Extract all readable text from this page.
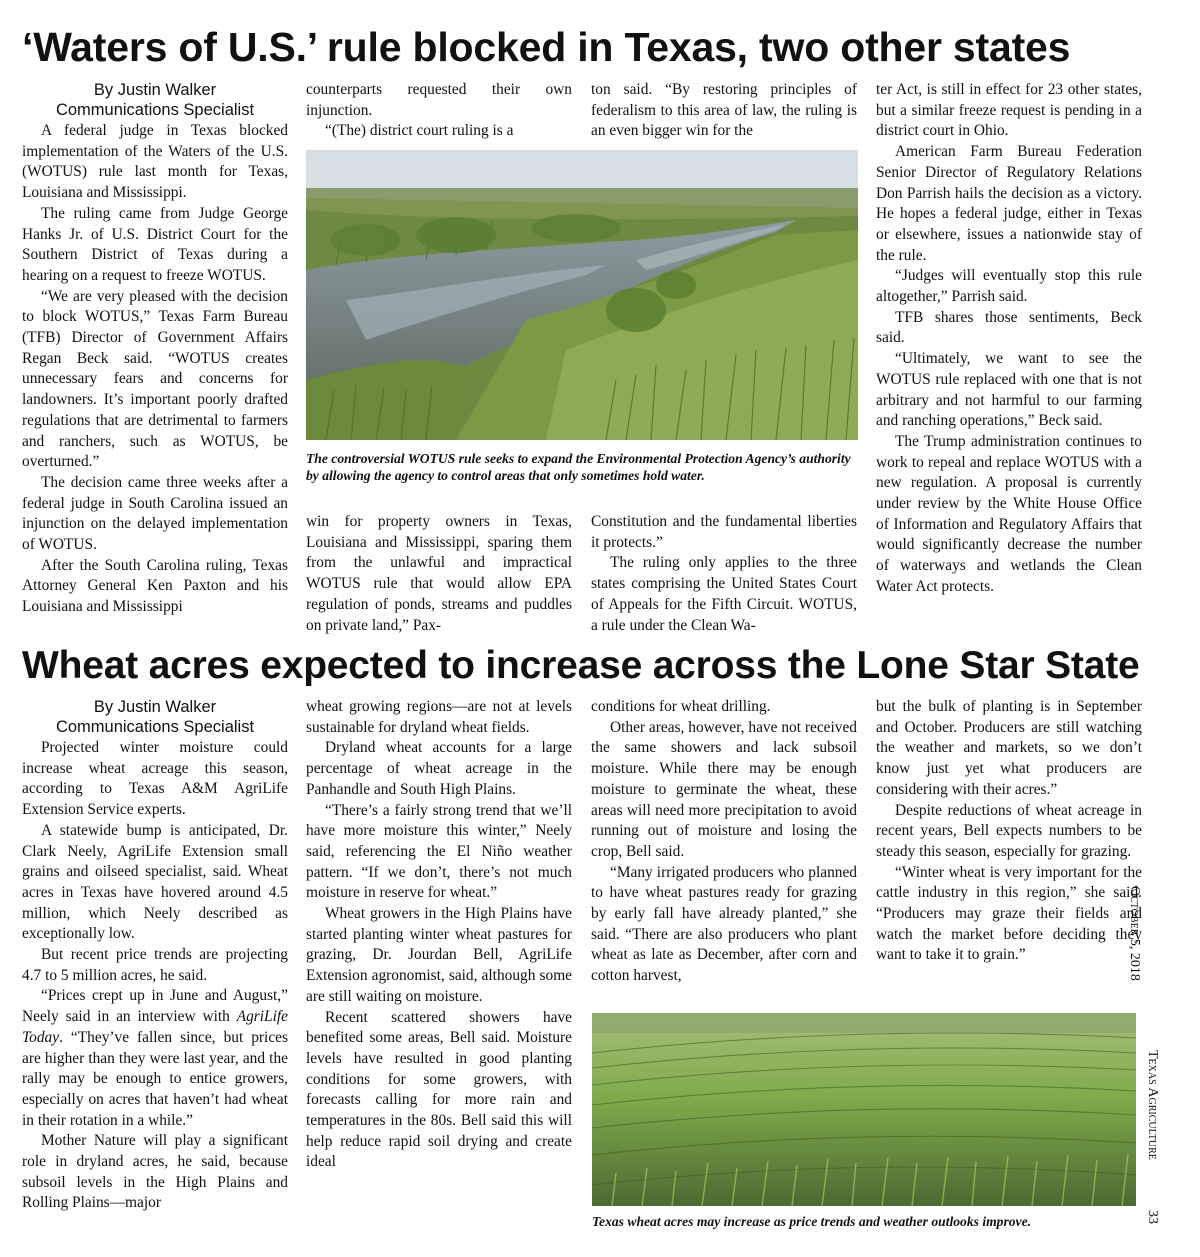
‘Waters of U.S.’ rule blocked in Texas, two other states
By Justin Walker
Communications Specialist

A federal judge in Texas blocked implementation of the Waters of the U.S. (WOTUS) rule last month for Texas, Louisiana and Mississippi.

The ruling came from Judge George Hanks Jr. of U.S. District Court for the Southern District of Texas during a hearing on a request to freeze WOTUS.

“We are very pleased with the decision to block WOTUS,” Texas Farm Bureau (TFB) Director of Government Affairs Regan Beck said. “WOTUS creates unnecessary fears and concerns for landowners. It’s important poorly drafted regulations that are detrimental to farmers and ranchers, such as WOTUS, be overturned.”

The decision came three weeks after a federal judge in South Carolina issued an injunction on the delayed implementation of WOTUS.

After the South Carolina ruling, Texas Attorney General Ken Paxton and his Louisiana and Mississippi

counterparts requested their own injunction.

“(The) district court ruling is a

ton said. “By restoring principles of federalism to this area of law, the ruling is an even bigger win for the

The controversial WOTUS rule seeks to expand the Environmental Protection Agency’s authority by allowing the agency to control areas that only sometimes hold water.

win for property owners in Texas, Louisiana and Mississippi, sparing them from the unlawful and impractical WOTUS rule that would allow EPA regulation of ponds, streams and puddles on private land,” Pax-

Constitution and the fundamental liberties it protects.”

The ruling only applies to the three states comprising the United States Court of Appeals for the Fifth Circuit. WOTUS, a rule under the Clean Wa-

ter Act, is still in effect for 23 other states, but a similar freeze request is pending in a district court in Ohio.

American Farm Bureau Federation Senior Director of Regulatory Relations Don Parrish hails the decision as a victory. He hopes a federal judge, either in Texas or elsewhere, issues a nationwide stay of the rule.

“Judges will eventually stop this rule altogether,” Parrish said.

TFB shares those sentiments, Beck said.

“Ultimately, we want to see the WOTUS rule replaced with one that is not arbitrary and not harmful to our farming and ranching operations,” Beck said.

The Trump administration continues to work to repeal and replace WOTUS with a new regulation. A proposal is currently under review by the White House Office of Information and Regulatory Affairs that would significantly decrease the number of waterways and wetlands the Clean Water Act protects.

Wheat acres expected to increase across the Lone Star State
By Justin Walker
Communications Specialist

Projected winter moisture could increase wheat acreage this season, according to Texas A&M AgriLife Extension Service experts.

A statewide bump is anticipated, Dr. Clark Neely, AgriLife Extension small grains and oilseed specialist, said. Wheat acres in Texas have hovered around 4.5 million, which Neely described as exceptionally low.

But recent price trends are projecting 4.7 to 5 million acres, he said.

“Prices crept up in June and August,” Neely said in an interview with AgriLife Today. “They’ve fallen since, but prices are higher than they were last year, and the rally may be enough to entice growers, especially on acres that haven’t had wheat in their rotation in a while.”

Mother Nature will play a significant role in dryland acres, he said, because subsoil levels in the High Plains and Rolling Plains—major

wheat growing regions—are not at levels sustainable for dryland wheat fields.

Dryland wheat accounts for a large percentage of wheat acreage in the Panhandle and South High Plains.

“There’s a fairly strong trend that we’ll have more moisture this winter,” Neely said, referencing the El Niño weather pattern. “If we don’t, there’s not much moisture in reserve for wheat.”

Wheat growers in the High Plains have started planting winter wheat pastures for grazing, Dr. Jourdan Bell, AgriLife Extension agronomist, said, although some are still waiting on moisture.

Recent scattered showers have benefited some areas, Bell said. Moisture levels have resulted in good planting conditions for some growers, with forecasts calling for more rain and temperatures in the 80s. Bell said this will help reduce rapid soil drying and create ideal

conditions for wheat drilling.

Other areas, however, have not received the same showers and lack subsoil moisture. While there may be enough moisture to germinate the wheat, these areas will need more precipitation to avoid running out of moisture and losing the crop, Bell said.

“Many irrigated producers who planned to have wheat pastures ready for grazing by early fall have already planted,” she said. “There are also producers who plant wheat as late as December, after corn and cotton harvest,

but the bulk of planting is in September and October. Producers are still watching the weather and markets, so we don’t know just yet what producers are considering with their acres.”

Despite reductions of wheat acreage in recent years, Bell expects numbers to be steady this season, especially for grazing.

“Winter wheat is very important for the cattle industry in this region,” she said. “Producers may graze their fields and watch the market before deciding they want to take it to grain.”

Texas wheat acres may increase as price trends and weather outlooks improve.
October 5, 2018
Texas Agriculture
33
